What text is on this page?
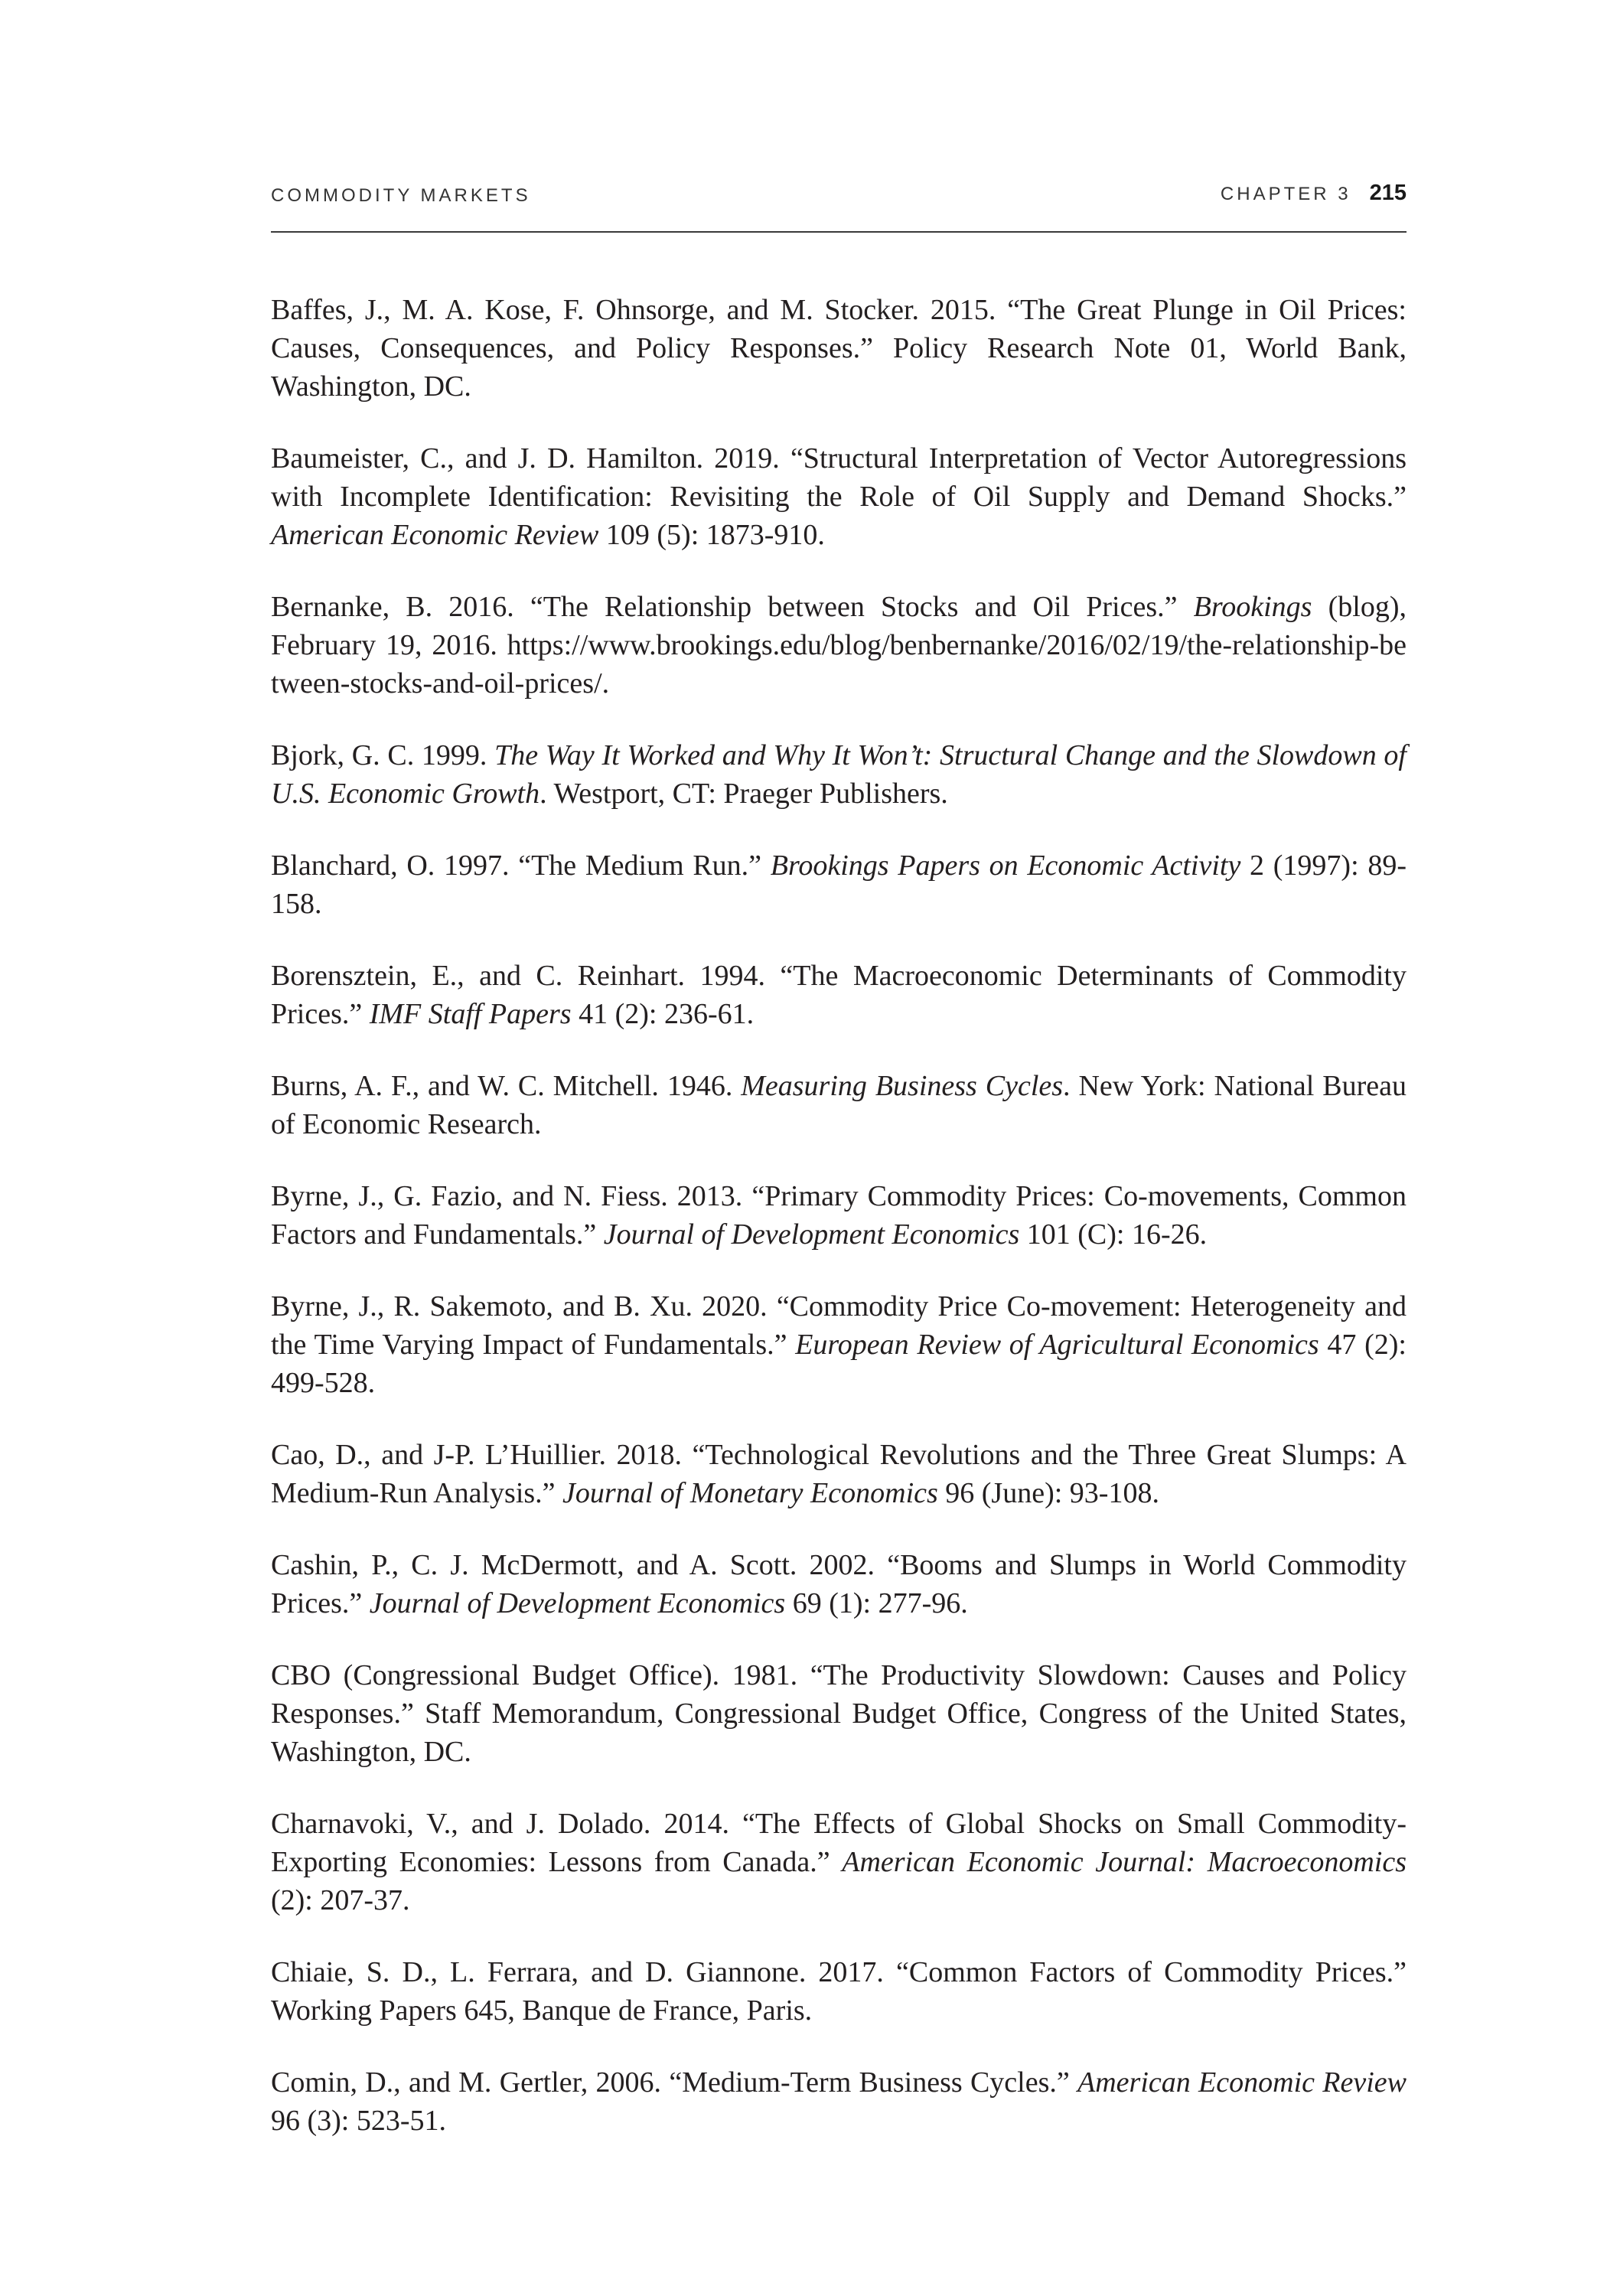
COMMODITY MARKETS	CHAPTER 3 215
Baffes, J., M. A. Kose, F. Ohnsorge, and M. Stocker. 2015. “The Great Plunge in Oil Prices: Causes, Consequences, and Policy Responses.” Policy Research Note 01, World Bank, Washington, DC.
Baumeister, C., and J. D. Hamilton. 2019. “Structural Interpretation of Vector Autoregressions with Incomplete Identification: Revisiting the Role of Oil Supply and Demand Shocks.” American Economic Review 109 (5): 1873-910.
Bernanke, B. 2016. “The Relationship between Stocks and Oil Prices.” Brookings (blog), February 19, 2016. https://www.brookings.edu/blog/benbernanke/2016/02/19/the-relationship-between-stocks-and-oil-prices/.
Bjork, G. C. 1999. The Way It Worked and Why It Won’t: Structural Change and the Slowdown of U.S. Economic Growth. Westport, CT: Praeger Publishers.
Blanchard, O. 1997. “The Medium Run.” Brookings Papers on Economic Activity 2 (1997): 89-158.
Borensztein, E., and C. Reinhart. 1994. “The Macroeconomic Determinants of Commodity Prices.” IMF Staff Papers 41 (2): 236-61.
Burns, A. F., and W. C. Mitchell. 1946. Measuring Business Cycles. New York: National Bureau of Economic Research.
Byrne, J., G. Fazio, and N. Fiess. 2013. “Primary Commodity Prices: Co-movements, Common Factors and Fundamentals.” Journal of Development Economics 101 (C): 16-26.
Byrne, J., R. Sakemoto, and B. Xu. 2020. “Commodity Price Co-movement: Heterogeneity and the Time Varying Impact of Fundamentals.” European Review of Agricultural Economics 47 (2): 499-528.
Cao, D., and J-P. L’Huillier. 2018. “Technological Revolutions and the Three Great Slumps: A Medium-Run Analysis.” Journal of Monetary Economics 96 (June): 93-108.
Cashin, P., C. J. McDermott, and A. Scott. 2002. “Booms and Slumps in World Commodity Prices.” Journal of Development Economics 69 (1): 277-96.
CBO (Congressional Budget Office). 1981. “The Productivity Slowdown: Causes and Policy Responses.” Staff Memorandum, Congressional Budget Office, Congress of the United States, Washington, DC.
Charnavoki, V., and J. Dolado. 2014. “The Effects of Global Shocks on Small Commodity-Exporting Economies: Lessons from Canada.” American Economic Journal: Macroeconomics (2): 207-37.
Chiaie, S. D., L. Ferrara, and D. Giannone. 2017. “Common Factors of Commodity Prices.” Working Papers 645, Banque de France, Paris.
Comin, D., and M. Gertler, 2006. “Medium-Term Business Cycles.” American Economic Review 96 (3): 523-51.
